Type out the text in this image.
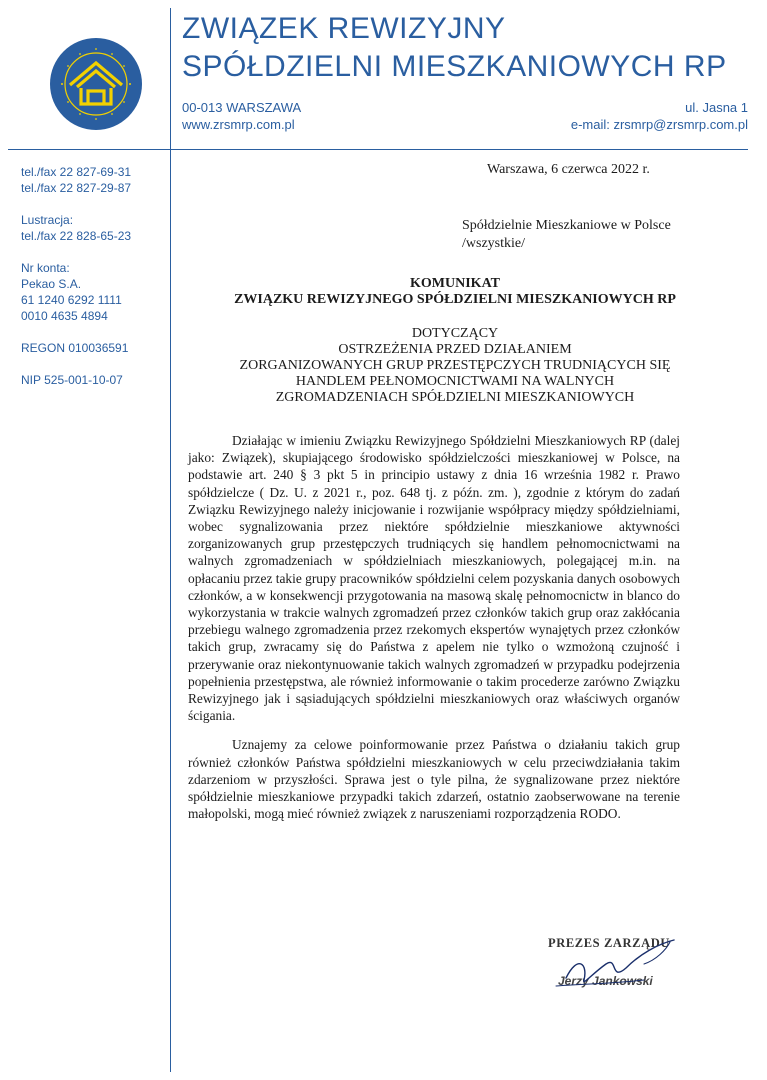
ZWIĄZEK REWIZYJNY
SPÓŁDZIELNI MIESZKANIOWYCH RP
00-013 WARSZAWA
www.zrsmrp.com.pl
ul. Jasna 1
e-mail: zrsmrp@zrsmrp.com.pl
tel./fax 22 827-69-31
tel./fax 22 827-29-87
Lustracja:
tel./fax 22 828-65-23
Nr konta:
Pekao S.A.
61 1240 6292 1111
0010 4635 4894
REGON 010036591
NIP 525-001-10-07
Warszawa, 6 czerwca 2022 r.
Spółdzielnie Mieszkaniowe w Polsce
/wszystkie/
KOMUNIKAT
ZWIĄZKU REWIZYJNEGO SPÓŁDZIELNI MIESZKANIOWYCH RP
DOTYCZĄCY
OSTRZEŻENIA PRZED DZIAŁANIEM
ZORGANIZOWANYCH GRUP PRZESTĘPCZYCH TRUDNIĄCYCH SIĘ
HANDLEM PEŁNOMOCNICTWAMI NA WALNYCH
ZGROMADZENIACH SPÓŁDZIELNI MIESZKANIOWYCH

Działając w imieniu Związku Rewizyjnego Spółdzielni Mieszkaniowych RP (dalej jako: Związek), skupiającego środowisko spółdzielczości mieszkaniowej w Polsce, na podstawie art. 240 § 3 pkt 5 in principio ustawy z dnia 16 września 1982 r. Prawo spółdzielcze ( Dz. U. z 2021 r., poz. 648 tj. z późn. zm. ), zgodnie z którym do zadań Związku Rewizyjnego należy inicjowanie i rozwijanie współpracy między spółdzielniami, wobec sygnalizowania przez niektóre spółdzielnie mieszkaniowe aktywności zorganizowanych grup przestępczych trudniących się handlem pełnomocnictwami na walnych zgromadzeniach w spółdzielniach mieszkaniowych, polegającej m.in. na opłacaniu przez takie grupy pracowników spółdzielni celem pozyskania danych osobowych członków, a w konsekwencji przygotowania na masową skalę pełnomocnictw in blanco do wykorzystania w trakcie walnych zgromadzeń przez członków takich grup oraz zakłócania przebiegu walnego zgromadzenia przez rzekomych ekspertów wynajętych przez członków takich grup, zwracamy się do Państwa z apelem nie tylko o wzmożoną czujność i przerywanie oraz niekontynuowanie takich walnych zgromadzeń w przypadku podejrzenia popełnienia przestępstwa, ale również informowanie o takim procederze zarówno Związku Rewizyjnego jak i sąsiadujących spółdzielni mieszkaniowych oraz właściwych organów ścigania.

Uznajemy za celowe poinformowanie przez Państwa o działaniu takich grup również członków Państwa spółdzielni mieszkaniowych w celu przeciwdziałania takim zdarzeniom w przyszłości. Sprawa jest o tyle pilna, że sygnalizowane przez niektóre spółdzielnie mieszkaniowe przypadki takich zdarzeń, ostatnio zaobserwowane na terenie małopolski, mogą mieć również związek z naruszeniami rozporządzenia RODO.

PREZES ZARZĄDU
Jerzy Jankowski
